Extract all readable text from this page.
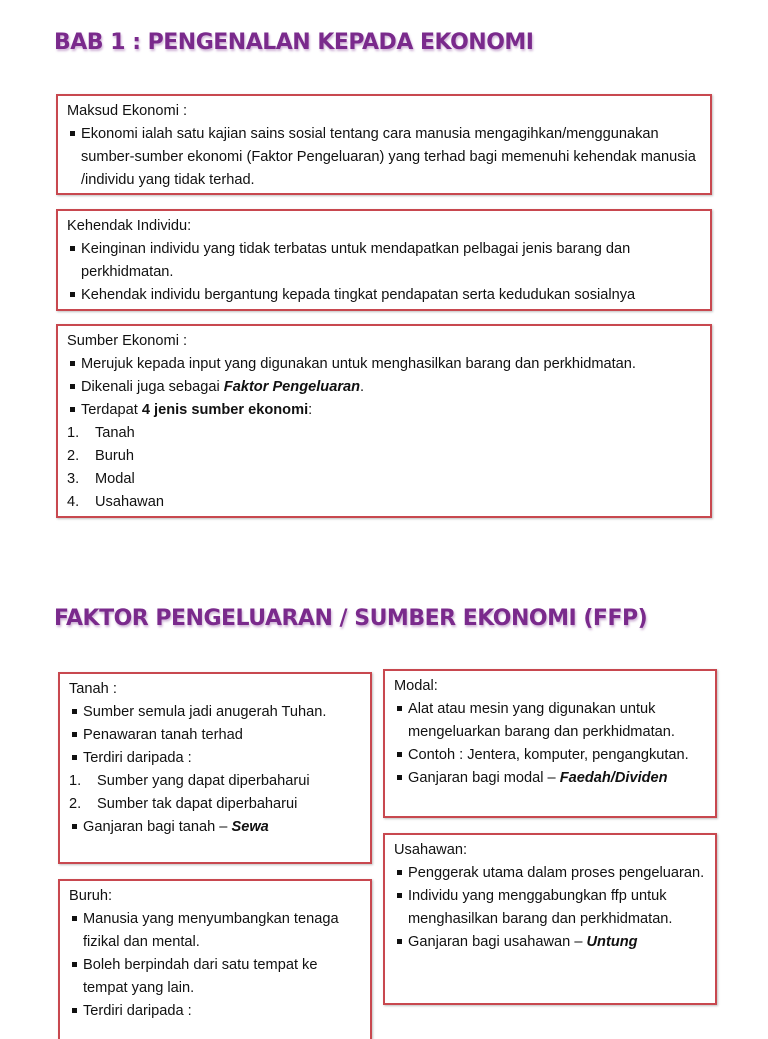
BAB 1 : PENGENALAN KEPADA EKONOMI

Maksud Ekonomi :

Ekonomi ialah satu kajian sains sosial tentang cara manusia mengagihkan/menggunakan sumber-sumber ekonomi (Faktor Pengeluaran) yang terhad bagi memenuhi kehendak manusia /individu yang tidak terhad.

Kehendak Individu:

Keinginan individu yang tidak terbatas untuk mendapatkan pelbagai jenis barang dan perkhidmatan.

Kehendak individu bergantung kepada tingkat pendapatan serta kedudukan sosialnya

Sumber Ekonomi :

Merujuk kepada input yang digunakan untuk menghasilkan barang dan perkhidmatan.

Dikenali juga sebagai Faktor Pengeluaran.

Terdapat 4 jenis sumber ekonomi:

1.	Tanah
2.	Buruh
3.	Modal
4.	Usahawan
FAKTOR PENGELUARAN / SUMBER EKONOMI (FFP)

Tanah :

Sumber semula jadi anugerah Tuhan.

Penawaran tanah terhad

Terdiri daripada :

1.	Sumber yang dapat diperbaharui
2.	Sumber tak dapat diperbaharui

Ganjaran bagi tanah – Sewa

Modal:

Alat atau mesin yang digunakan untuk mengeluarkan barang dan perkhidmatan.

Contoh : Jentera, komputer, pengangkutan.

Ganjaran bagi modal – Faedah/Dividen

Usahawan:

Penggerak utama dalam proses pengeluaran.

Individu yang menggabungkan ffp untuk menghasilkan barang dan perkhidmatan.

Ganjaran bagi usahawan – Untung

Buruh:

Manusia yang menyumbangkan tenaga fizikal dan mental.

Boleh berpindah dari satu tempat ke tempat yang lain.

Terdiri daripada :
